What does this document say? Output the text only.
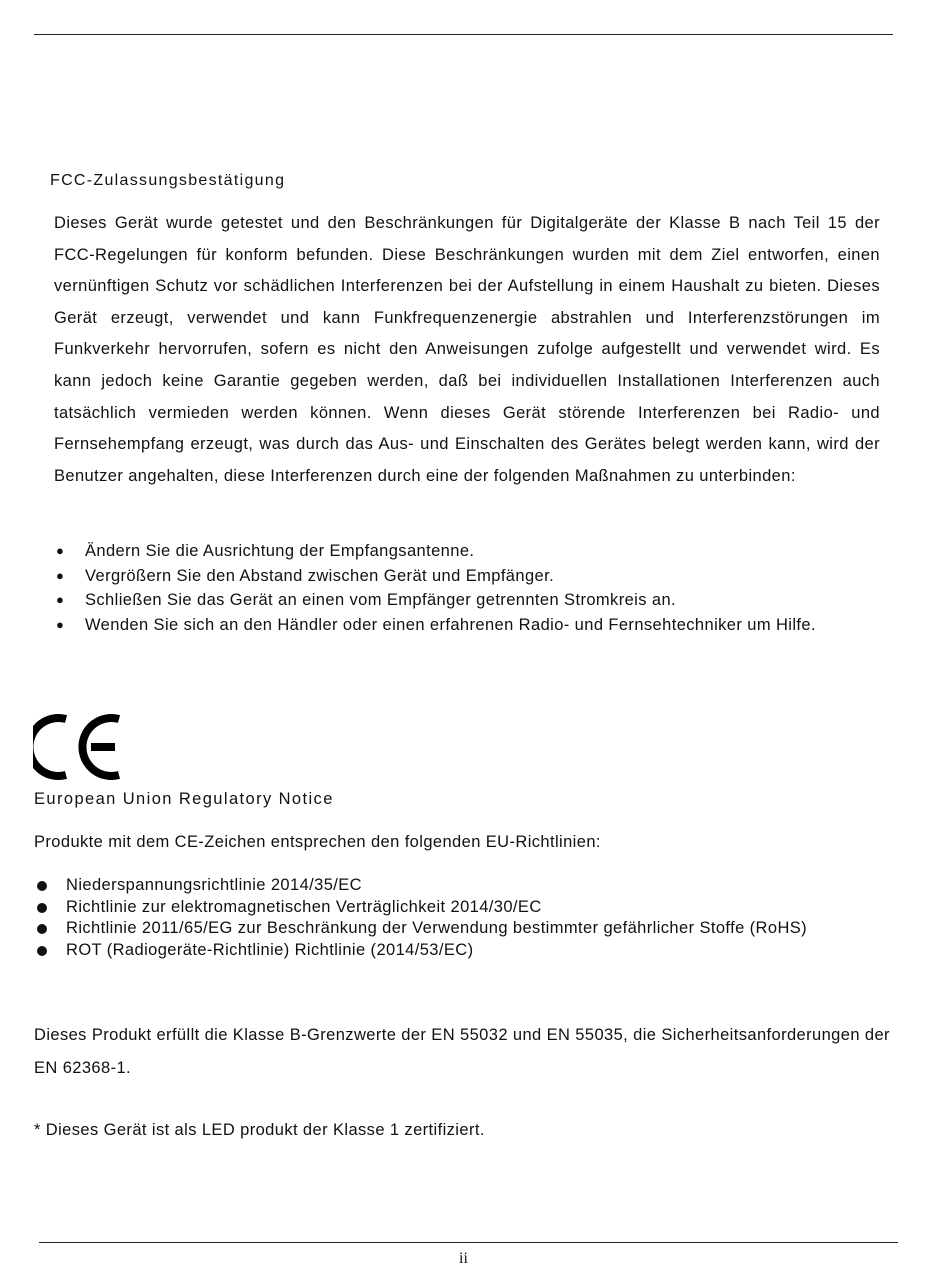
FCC-Zulassungsbestätigung

Dieses Gerät wurde getestet und den Beschränkungen für Digitalgeräte der Klasse B nach Teil 15 der FCC-Regelungen für konform befunden. Diese Beschränkungen wurden mit dem Ziel entworfen, einen vernünftigen Schutz vor schädlichen Interferenzen bei der Aufstellung in einem Haushalt zu bieten. Dieses Gerät erzeugt, verwendet und kann Funkfrequenzenergie abstrahlen und Interferenzstörungen im Funkverkehr hervorrufen, sofern es nicht den Anweisungen zufolge aufgestellt und verwendet wird. Es kann jedoch keine Garantie gegeben werden, daß bei individuellen Installationen Interferenzen auch tatsächlich vermieden werden können. Wenn dieses Gerät störende Interferenzen bei Radio- und Fernsehempfang erzeugt, was durch das Aus- und Einschalten des Gerätes belegt werden kann, wird der Benutzer angehalten, diese Interferenzen durch eine der folgenden Maßnahmen zu unterbinden:

● Ändern Sie die Ausrichtung der Empfangsantenne.
● Vergrößern Sie den Abstand zwischen Gerät und Empfänger.
● Schließen Sie das Gerät an einen vom Empfänger getrennten Stromkreis an.
● Wenden Sie sich an den Händler oder einen erfahrenen Radio- und Fernsehtechniker um Hilfe.
European Union Regulatory Notice
Produkte mit dem CE-Zeichen entsprechen den folgenden EU-Richtlinien:
Niederspannungsrichtlinie 2014/35/EC
Richtlinie zur elektromagnetischen Verträglichkeit 2014/30/EC
Richtlinie 2011/65/EG zur Beschränkung der Verwendung bestimmter gefährlicher Stoffe (RoHS)
ROT (Radiogeräte-Richtlinie) Richtlinie (2014/53/EC)

Dieses Produkt erfüllt die Klasse B-Grenzwerte der EN 55032 und EN 55035, die Sicherheitsanforderungen der EN 62368-1.

* Dieses Gerät ist als LED produkt der Klasse 1 zertifiziert.
ii
